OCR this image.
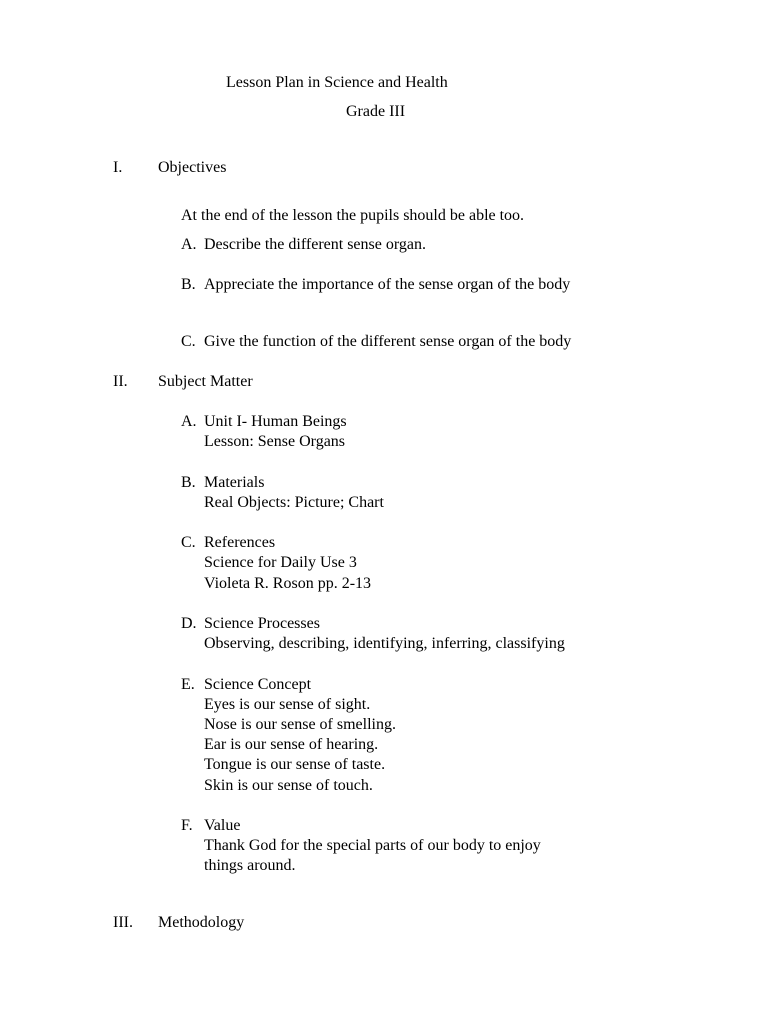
Lesson Plan in Science and Health
Grade III
I. Objectives
At the end of the lesson the pupils should be able too.
A. Describe the different sense organ.
B. Appreciate the importance of the sense organ of the body
C. Give the function of the different sense organ of the body
II. Subject Matter
A. Unit I- Human Beings
Lesson: Sense Organs
B. Materials
Real Objects: Picture; Chart
C. References
Science for Daily Use 3
Violeta R. Roson pp. 2-13
D. Science Processes
Observing, describing, identifying, inferring, classifying
E. Science Concept
Eyes is our sense of sight.
Nose is our sense of smelling.
Ear is our sense of hearing.
Tongue is our sense of taste.
Skin is our sense of touch.
F. Value
Thank God for the special parts of our body to enjoy
things around.
III. Methodology
